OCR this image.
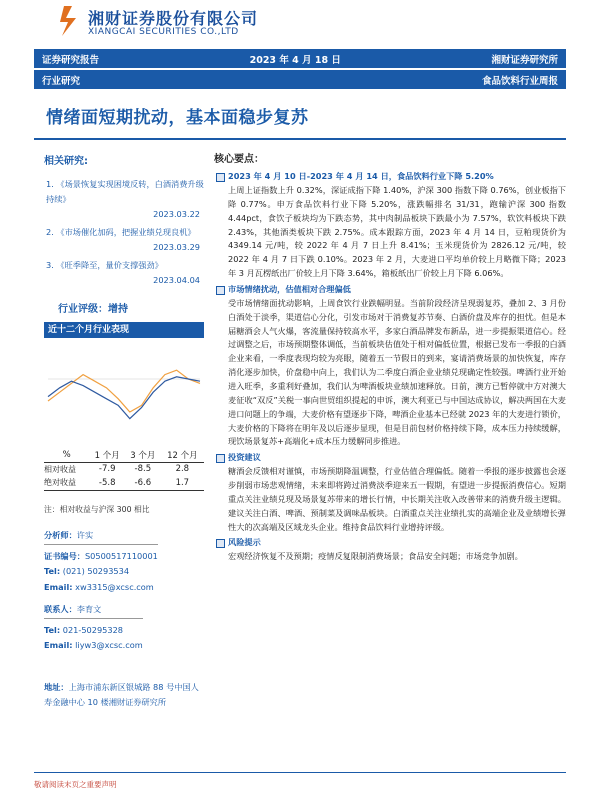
湘财证券股份有限公司
XIANGCAI SECURITIES CO.,LTD
证券研究报告	2023 年 4 月 18 日	湘财证券研究所
行业研究	食品饮料行业周报
情绪面短期扰动，基本面稳步复苏
相关研究:
1. 《场景恢复实现困境反转，白酒消费升级持续》
2023.03.22
2. 《市场催化加码，把握业绩兑现良机》
2023.03.29
3. 《旺季降至，量价支撑强劲》
2023.04.04
行业评级：增持
近十二个月行业表现
%	1 个月	3 个月	12 个月
相对收益	-7.9	-8.5	2.8
绝对收益	-5.8	-6.6	1.7
注：相对收益与沪深 300 相比
分析师：许实
证书编号：S0500517110001
Tel: (021) 50293534
Email: xw3315@xcsc.com
联系人：李育文
Tel: 021-50295328
Email: liyw3@xcsc.com
地址：上海市浦东新区银城路 88 号中国人寿金融中心 10 楼湘财证券研究所
核心要点：
2023 年 4 月 10 日-2023 年 4 月 14 日，食品饮料行业下降 5.20%
上周上证指数上升 0.32%，深证成指下降 1.40%，沪深 300 指数下降 0.76%，创业板指下降 0.77%。申万食品饮料行业下降 5.20%，涨跌幅排名 31/31，跑输沪深 300 指数 4.44pct，食饮子板块均为下跌态势，其中肉制品板块下跌最小为 7.57%，软饮料板块下跌 2.43%，其他酒类板块下跌 2.75%。成本跟踪方面，2023 年 4 月 14 日，豆粕现货价为 4349.14 元/吨，较 2022 年 4 月 7 日上升 8.41%；玉米现货价为 2826.12 元/吨，较 2022 年 4 月 7 日下跌 0.10%。2023 年 2 月，大麦进口平均单价较上月略微下降；2023 年 3 月瓦楞纸出厂价较上月下降 3.64%，箱板纸出厂价较上月下降 6.06%。
市场情绪扰动，估值相对合理偏低
受市场情绪面扰动影响，上周食饮行业跌幅明显。当前阶段经济呈现弱复苏，叠加 2、3 月份白酒处于淡季，渠道信心分化，引发市场对于消费复苏节奏、白酒价盘及库存的担忧。但是本届糖酒会人气火爆，客流量保持较高水平，多家白酒品牌发布新品，进一步提振渠道信心。经过调整之后，市场预期整体调低，当前板块估值处于相对偏低位置，根据已发布一季报的白酒企业来看，一季度表现均较为亮眼，随着五一节假日的到来，宴请消费场景的加快恢复，库存消化逐步加快，价盘稳中向上，我们认为二季度白酒企业业绩兑现确定性较强。啤酒行业开始进入旺季，多重利好叠加，我们认为啤酒板块业绩加速释放。日前，澳方已暂停就中方对澳大麦征收“双反”关税一事向世贸组织提起的申诉，澳大利亚已与中国达成协议，解决两国在大麦进口问题上的争端，大麦价格有望逐步下降，啤酒企业基本已经就 2023 年的大麦进行锁价，大麦价格的下降将在明年及以后逐步显现，但是目前包材价格持续下降，成本压力持续缓解，现饮场景复苏+高端化+成本压力缓解同步推进。
投资建议
糖酒会反馈相对谨慎，市场预期降温调整，行业估值合理偏低。随着一季报的逐步披露也会逐步削弱市场悲观情绪，未来即将跨过消费淡季迎来五一假期，有望进一步提振消费信心。短期重点关注业绩兑现及场景复苏带来的增长行情，中长期关注收入改善带来的消费升级主逻辑。建议关注白酒、啤酒、预制菜及调味品板块。白酒重点关注业绩扎实的高端企业及业绩增长弹性大的次高端及区域龙头企业。维持食品饮料行业增持评级。
风险提示
宏观经济恢复不及预期；疫情反复限制消费场景；食品安全问题；市场竞争加剧。
敬请阅读末页之重要声明
